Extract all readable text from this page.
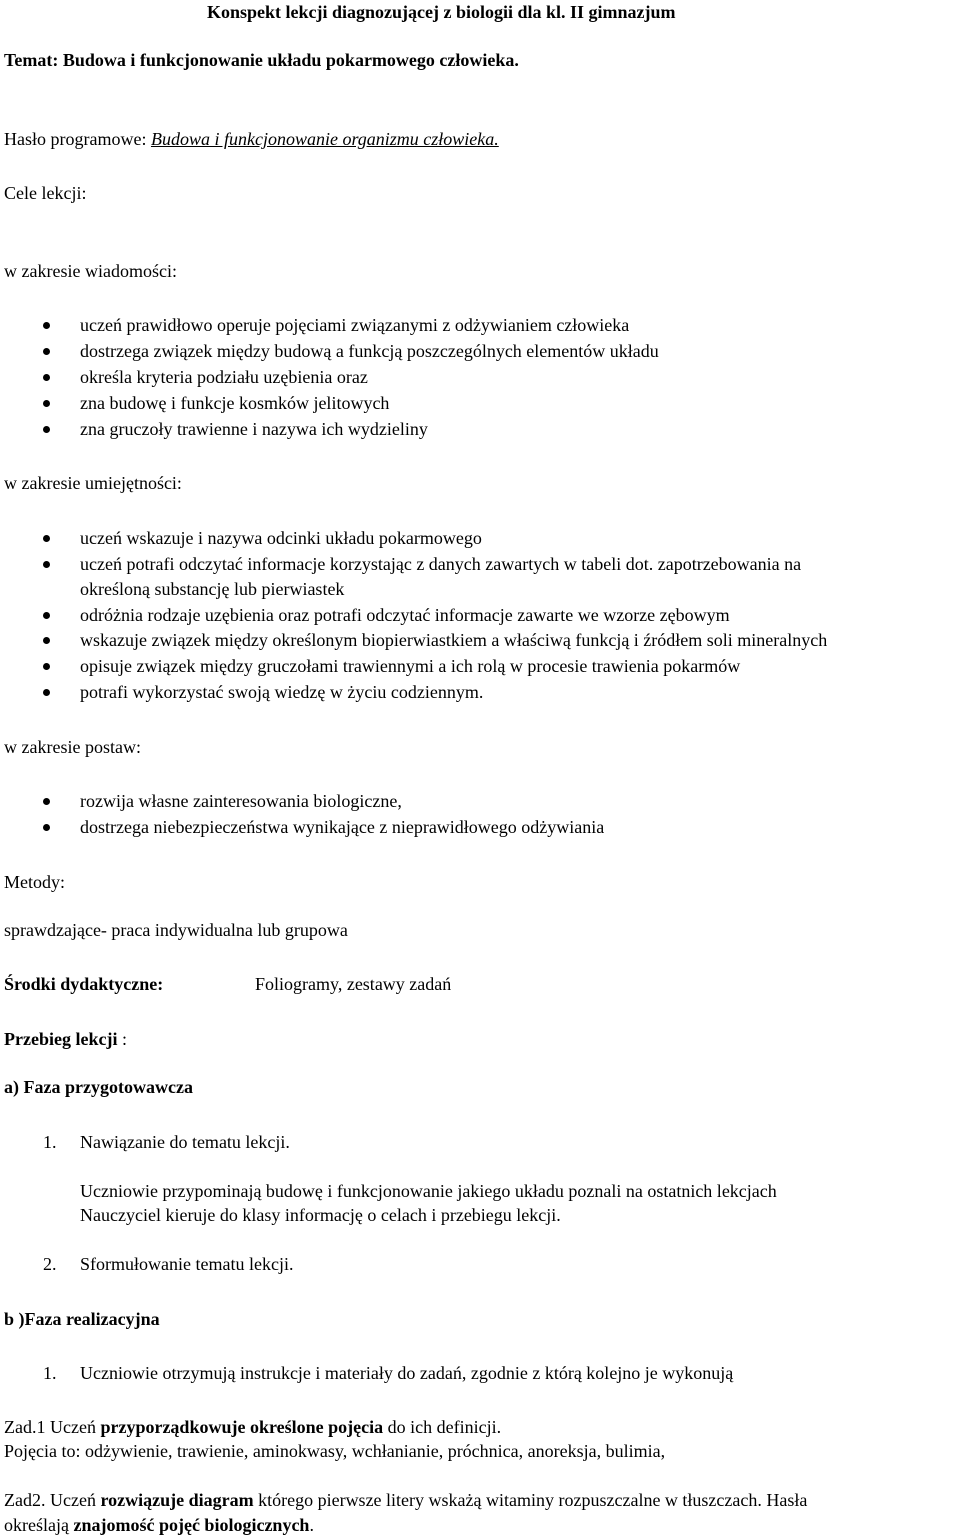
Konspekt lekcji diagnozującej z biologii dla kl. II gimnazjum
Temat: Budowa i funkcjonowanie układu pokarmowego człowieka.
Hasło programowe: Budowa i funkcjonowanie organizmu człowieka.
Cele lekcji:
w zakresie wiadomości:
uczeń prawidłowo operuje pojęciami związanymi z odżywianiem człowieka
dostrzega związek między budową a funkcją poszczególnych elementów układu
określa kryteria podziału uzębienia oraz
zna budowę i funkcje kosmków jelitowych
zna gruczoły trawienne i nazywa ich wydzieliny
w zakresie umiejętności:
uczeń wskazuje i nazywa odcinki układu pokarmowego
uczeń potrafi odczytać informacje korzystając z danych zawartych w tabeli dot. zapotrzebowania na
określoną substancję lub pierwiastek
odróżnia rodzaje uzębienia oraz potrafi odczytać informacje zawarte we wzorze zębowym
wskazuje związek między określonym biopierwiastkiem a właściwą funkcją i źródłem soli mineralnych
opisuje związek między gruczołami trawiennymi a ich rolą w procesie trawienia pokarmów
potrafi wykorzystać swoją wiedzę w życiu codziennym.
w zakresie postaw:
rozwija własne zainteresowania biologiczne,
dostrzega niebezpieczeństwa wynikające z nieprawidłowego odżywiania
Metody:
sprawdzające- praca indywidualna lub grupowa
Środki dydaktyczne:	Foliogramy, zestawy zadań
Przebieg lekcji :
a) Faza przygotowawcza
1. Nawiązanie do tematu lekcji.
Uczniowie przypominają budowę i funkcjonowanie jakiego układu poznali na ostatnich lekcjach
Nauczyciel kieruje do klasy informację o celach i przebiegu lekcji.
2. Sformułowanie tematu lekcji.
b )Faza realizacyjna
1. Uczniowie otrzymują instrukcje i materiały do zadań, zgodnie z którą kolejno je wykonują
Zad.1 Uczeń przyporządkowuje określone pojęcia do ich definicji.
Pojęcia to: odżywienie, trawienie, aminokwasy, wchłanianie, próchnica, anoreksja, bulimia,
Zad2. Uczeń rozwiązuje diagram którego pierwsze litery wskażą witaminy rozpuszczalne w tłuszczach. Hasła
określają znajomość pojęć biologicznych.
